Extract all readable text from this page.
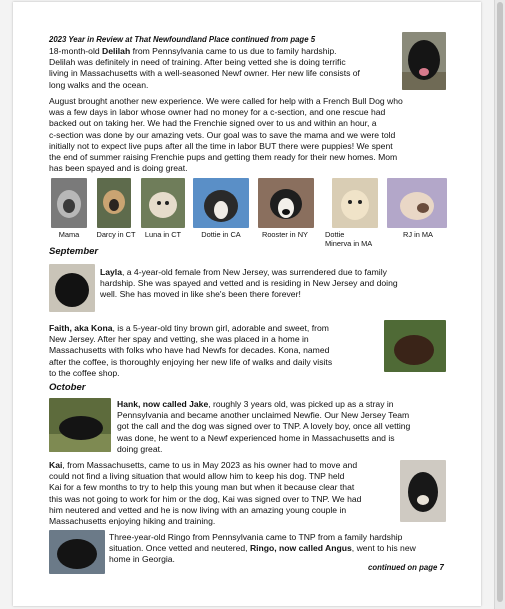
2023 Year in Review at That Newfoundland Place continued from page 5
18-month-old Delilah from Pennsylvania came to us due to family hardship.
Delilah was definitely in need of training. After being vetted she is doing terrific
living in Massachusetts with a well-seasoned Newf owner. Her new life consists of
long walks and the ocean.
August brought another new experience. We were called for help with a French Bull Dog who
was a few days in labor whose owner had no money for a c-section, and one rescue had
backed out on taking her. We had the Frenchie signed over to us and within an hour, a
c-section was done by our amazing vets. Our goal was to save the mama and we were told
initially not to expect live pups after all the time in labor BUT there were puppies! We spent
the end of summer raising Frenchie pups and getting them ready for their new homes. Mom
has been spayed and is doing great.
Mama	Darcy in CT	Luna in CT	Dottie in CA	Rooster in NY	Dottie
Minerva in MA
RJ in MA
September
Layla, a 4-year-old female from New Jersey, was surrendered due to family
hardship. She was spayed and vetted and is residing in New Jersey and doing
well. She has moved in like she's been there forever!
Faith, aka Kona, is a 5-year-old tiny brown girl, adorable and sweet, from
New Jersey. After her spay and vetting, she was placed in a home in
Massachusetts with folks who have had Newfs for decades. Kona, named
after the coffee, is thoroughly enjoying her new life of walks and daily visits
to the coffee shop.
October
Hank, now called Jake, roughly 3 years old, was picked up as a stray in
Pennsylvania and became another unclaimed Newfie. Our New Jersey Team
got the call and the dog was signed over to TNP. A lovely boy, once all vetting
was done, he went to a Newf experienced home in Massachusetts and is
doing great.
Kai, from Massachusetts, came to us in May 2023 as his owner had to move and
could not find a living situation that would allow him to keep his dog. TNP held
Kai for a few months to try to help this young man but when it because clear that
this was not going to work for him or the dog, Kai was signed over to TNP. We had
him neutered and vetted and he is now living with an amazing young couple in
Massachusetts enjoying hiking and training.
Three-year-old Ringo from Pennsylvania came to TNP from a family hardship
situation. Once vetted and neutered, Ringo, now called Angus, went to his new
home in Georgia.
continued on page 7
